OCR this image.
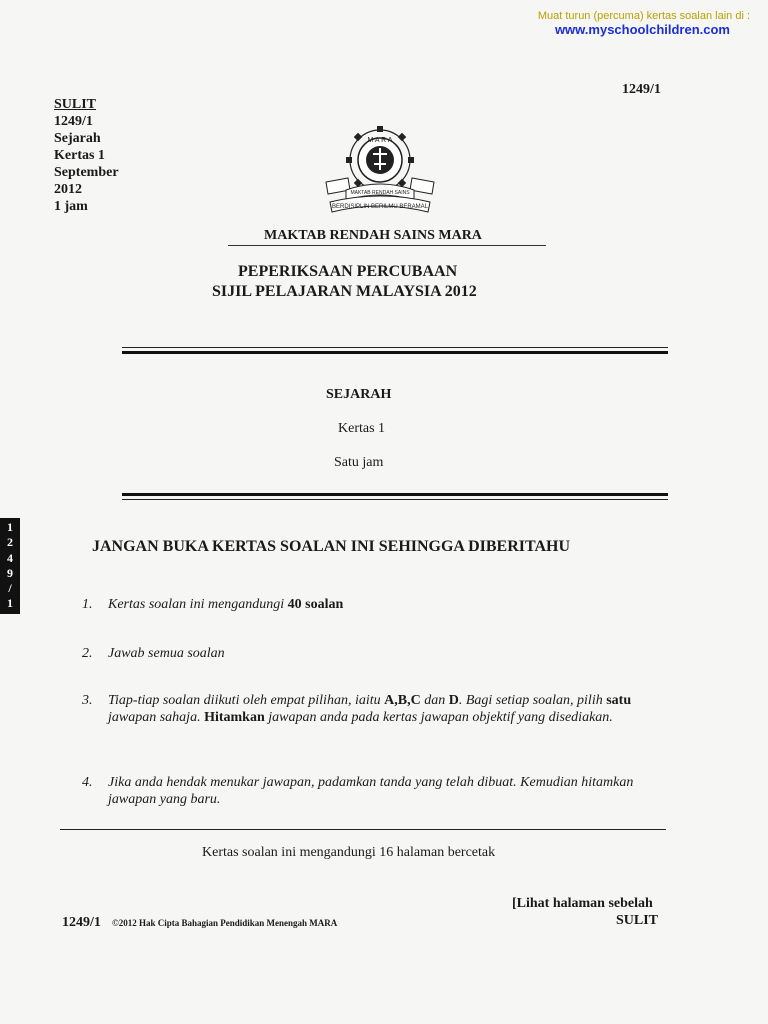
Muat turun (percuma) kertas soalan lain di :
www.myschoolchildren.com
1249/1
SULIT
1249/1
Sejarah
Kertas 1
September
2012
1 jam
M A R A
MAKTAB RENDAH SAINS
BERDISIPLIN BERILMU BERAMAL
MAKTAB RENDAH SAINS MARA
PEPERIKSAAN PERCUBAAN
SIJIL PELAJARAN MALAYSIA 2012
SEJARAH
Kertas 1
Satu jam
1
2
4
9
/
1
JANGAN BUKA KERTAS SOALAN INI SEHINGGA DIBERITAHU
1. Kertas soalan ini mengandungi 40 soalan
2. Jawab semua soalan
3. Tiap-tiap soalan diikuti oleh empat pilihan, iaitu A,B,C dan D. Bagi setiap soalan, pilih satu jawapan sahaja. Hitamkan jawapan anda pada kertas jawapan objektif yang disediakan.
4. Jika anda hendak menukar jawapan, padamkan tanda yang telah dibuat. Kemudian hitamkan jawapan yang baru.
Kertas soalan ini mengandungi 16 halaman bercetak
[Lihat halaman sebelah
SULIT
1249/1 ©2012 Hak Cipta Bahagian Pendidikan Menengah MARA
